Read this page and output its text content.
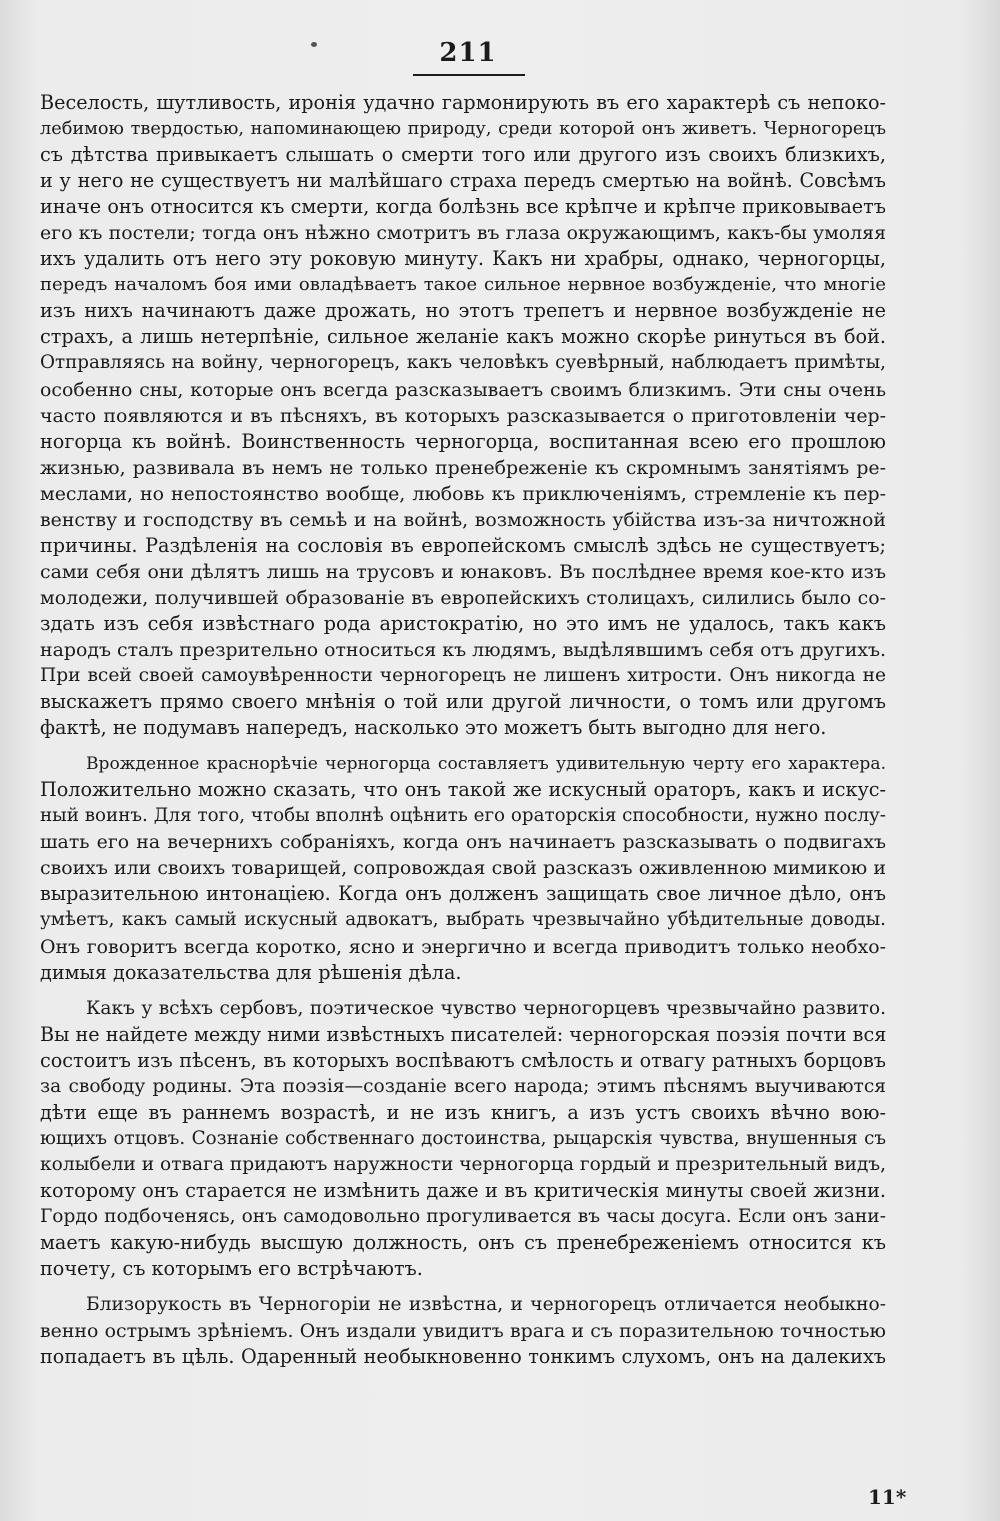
211
Веселость, шутливость, иронія удачно гармонирують въ его характерѣ съ непоко-
лебимою твердостью, напоминающею природу, среди которой онъ живетъ. Черногорецъ
съ дѣтства привыкаетъ слышать о смерти того или другого изъ своихъ близкихъ,
и у него не существуетъ ни малѣйшаго страха передъ смертью на войнѣ. Совсѣмъ
иначе онъ относится къ смерти, когда болѣзнь все крѣпче и крѣпче приковываетъ
его къ постели; тогда онъ нѣжно смотритъ въ глаза окружающимъ, какъ-бы умоляя
ихъ удалить отъ него эту роковую минуту. Какъ ни храбры, однако, черногорцы,
передъ началомъ боя ими овладѣваетъ такое сильное нервное возбужденіе, что многіе
изъ нихъ начинаютъ даже дрожать, но этотъ трепетъ и нервное возбужденіе не
страхъ, а лишь нетерпѣніе, сильное желаніе какъ можно скорѣе ринуться въ бой.
Отправляясь на войну, черногорецъ, какъ человѣкъ суевѣрный, наблюдаетъ примѣты,
особенно сны, которые онъ всегда разсказываетъ своимъ близкимъ. Эти сны очень
часто появляются и въ пѣсняхъ, въ которыхъ разсказывается о приготовленіи чер-
ногорца къ войнѣ. Воинственность черногорца, воспитанная всею его прошлою
жизнью, развивала въ немъ не только пренебреженіе къ скромнымъ занятіямъ ре-
меслами, но непостоянство вообще, любовь къ приключеніямъ, стремленіе къ пер-
венству и господству въ семьѣ и на войнѣ, возможность убійства изъ-за ничтожной
причины. Раздѣленія на сословія въ европейскомъ смыслѣ здѣсь не существуетъ;
сами себя они дѣлятъ лишь на трусовъ и юнаковъ. Въ послѣднее время кое-кто изъ
молодежи, получившей образованіе въ европейскихъ столицахъ, силились было со-
здать изъ себя извѣстнаго рода аристократію, но это имъ не удалось, такъ какъ
народъ сталъ презрительно относиться къ людямъ, выдѣлявшимъ себя отъ другихъ.
При всей своей самоувѣренности черногорецъ не лишенъ хитрости. Онъ никогда не
выскажетъ прямо своего мнѣнія о той или другой личности, о томъ или другомъ
фактѣ, не подумавъ напередъ, насколько это можетъ быть выгодно для него.
Врожденное краснорѣчіе черногорца составляетъ удивительную черту его характера.
Положительно можно сказать, что онъ такой же искусный ораторъ, какъ и искус-
ный воинъ. Для того, чтобы вполнѣ оцѣнить его ораторскія способности, нужно послу-
шать его на вечернихъ собраніяхъ, когда онъ начинаетъ разсказывать о подвигахъ
своихъ или своихъ товарищей, сопровождая свой разсказъ оживленною мимикою и
выразительною интонаціею. Когда онъ долженъ защищать свое личное дѣло, онъ
умѣетъ, какъ самый искусный адвокатъ, выбрать чрезвычайно убѣдительные доводы.
Онъ говоритъ всегда коротко, ясно и энергично и всегда приводитъ только необхо-
димыя доказательства для рѣшенія дѣла.
Какъ у всѣхъ сербовъ, поэтическое чувство черногорцевъ чрезвычайно развито.
Вы не найдете между ними извѣстныхъ писателей: черногорская поэзія почти вся
состоитъ изъ пѣсенъ, въ которыхъ воспѣваютъ смѣлость и отвагу ратныхъ борцовъ
за свободу родины. Эта поэзія—созданіе всего народа; этимъ пѣснямъ выучиваются
дѣти еще въ раннемъ возрастѣ, и не изъ книгъ, а изъ устъ своихъ вѣчно вою-
ющихъ отцовъ. Сознаніе собственнаго достоинства, рыцарскія чувства, внушенныя съ
колыбели и отвага придаютъ наружности черногорца гордый и презрительный видъ,
которому онъ старается не измѣнить даже и въ критическія минуты своей жизни.
Гордо подбоченясь, онъ самодовольно прогуливается въ часы досуга. Если онъ зани-
маетъ какую-нибудь высшую должность, онъ съ пренебреженіемъ относится къ
почету, съ которымъ его встрѣчаютъ.
Близорукость въ Черногоріи не извѣстна, и черногорецъ отличается необыкно-
венно острымъ зрѣніемъ. Онъ издали увидитъ врага и съ поразительною точностью
попадаетъ въ цѣль. Одаренный необыкновенно тонкимъ слухомъ, онъ на далекихъ
11*
